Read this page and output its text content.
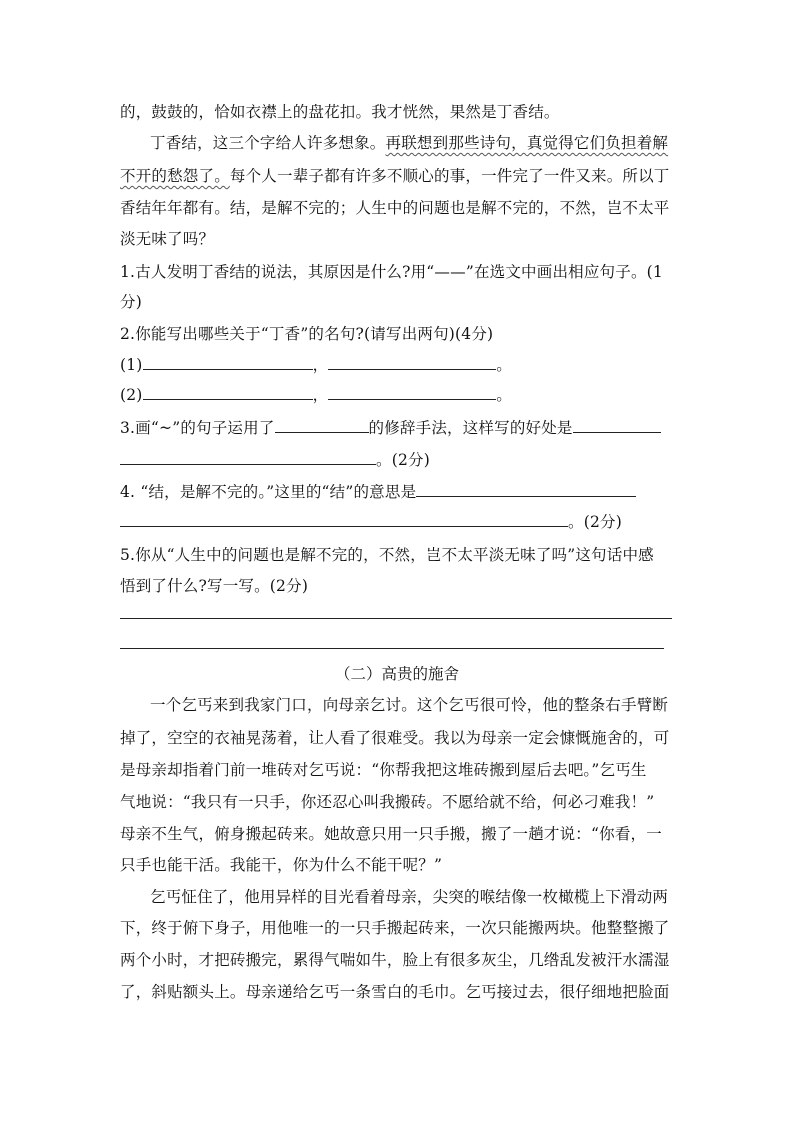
的，鼓鼓的，恰如衣襟上的盘花扣。我才恍然，果然是丁香结。
丁香结，这三个字给人许多想象。再联想到那些诗句，真觉得它们负担着解
不开的愁怨了。每个人一辈子都有许多不顺心的事，一件完了一件又来。所以丁
香结年年都有。结，是解不完的；人生中的问题也是解不完的，不然，岂不太平
淡无味了吗？
1.古人发明丁香结的说法，其原因是什么?用“——”在选文中画出相应句子。(1
分)
2.你能写出哪些关于“丁香”的名句?(请写出两句)(4分)
(1)	，	。
(2)	，	。
3.画“~”的句子运用了	的修辞手法，这样写的好处是
。(2分)
4. “结，是解不完的。”这里的“结”的意思是
。(2分)
5.你从“人生中的问题也是解不完的，不然，岂不太平淡无味了吗”这句话中感
悟到了什么?写一写。(2分)
（二）高贵的施舍
一个乞丐来到我家门口，向母亲乞讨。这个乞丐很可怜，他的整条右手臂断
掉了，空空的衣袖晃荡着，让人看了很难受。我以为母亲一定会慷慨施舍的，可
是母亲却指着门前一堆砖对乞丐说：“你帮我把这堆砖搬到屋后去吧。”乞丐生
气地说：“我只有一只手，你还忍心叫我搬砖。不愿给就不给，何必刁难我！”
母亲不生气，俯身搬起砖来。她故意只用一只手搬，搬了一趟才说：“你看，一
只手也能干活。我能干，你为什么不能干呢？”
乞丐怔住了，他用异样的目光看着母亲，尖突的喉结像一枚橄榄上下滑动两
下，终于俯下身子，用他唯一的一只手搬起砖来，一次只能搬两块。他整整搬了
两个小时，才把砖搬完，累得气喘如牛，脸上有很多灰尘，几绺乱发被汗水濡湿
了，斜贴额头上。母亲递给乞丐一条雪白的毛巾。乞丐接过去，很仔细地把脸面
